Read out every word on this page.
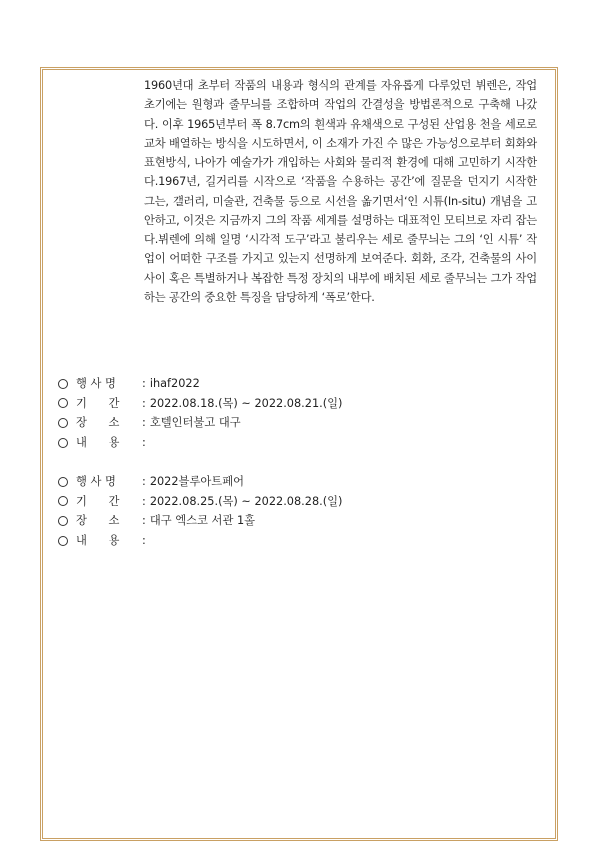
1960년대 초부터 작품의 내용과 형식의 관계를 자유롭게 다루었던 뷔렌은, 작업 초기에는 원형과 줄무늬를 조합하며 작업의 간결성을 방법론적으로 구축해 나갔다. 이후 1965년부터 폭 8.7cm의 흰색과 유채색으로 구성된 산업용 천을 세로로 교차 배열하는 방식을 시도하면서, 이 소재가 가진 수 많은 가능성으로부터 회화와 표현방식, 나아가 예술가가 개입하는 사회와 물리적 환경에 대해 고민하기 시작한다.1967년, 길거리를 시작으로 ‘작품을 수용하는 공간’에 질문을 던지기 시작한 그는, 갤러리, 미술관, 건축물 등으로 시선을 옮기면서‘인 시튜(In-situ) 개념을 고안하고, 이것은 지금까지 그의 작품 세계를 설명하는 대표적인 모티브로 자리 잡는다.뷔렌에 의해 일명 ‘시각적 도구’라고 불리우는 세로 줄무늬는 그의 ‘인 시튜’ 작업이 어떠한 구조를 가지고 있는지 선명하게 보여준다. 회화, 조각, 건축물의 사이사이 혹은 특별하거나 복잡한 특정 장치의 내부에 배치된 세로 줄무늬는 그가 작업하는 공간의 중요한 특징을 담당하게 ‘폭로’한다.

행 사 명	: ihaf2022
기      간	: 2022.08.18.(목) ~ 2022.08.21.(일)
장      소	: 호텔인터불고 대구
내      용	:
행 사 명	: 2022블루아트페어
기      간	: 2022.08.25.(목) ~ 2022.08.28.(일)
장      소	: 대구 엑스코 서관 1홀
내      용	:
